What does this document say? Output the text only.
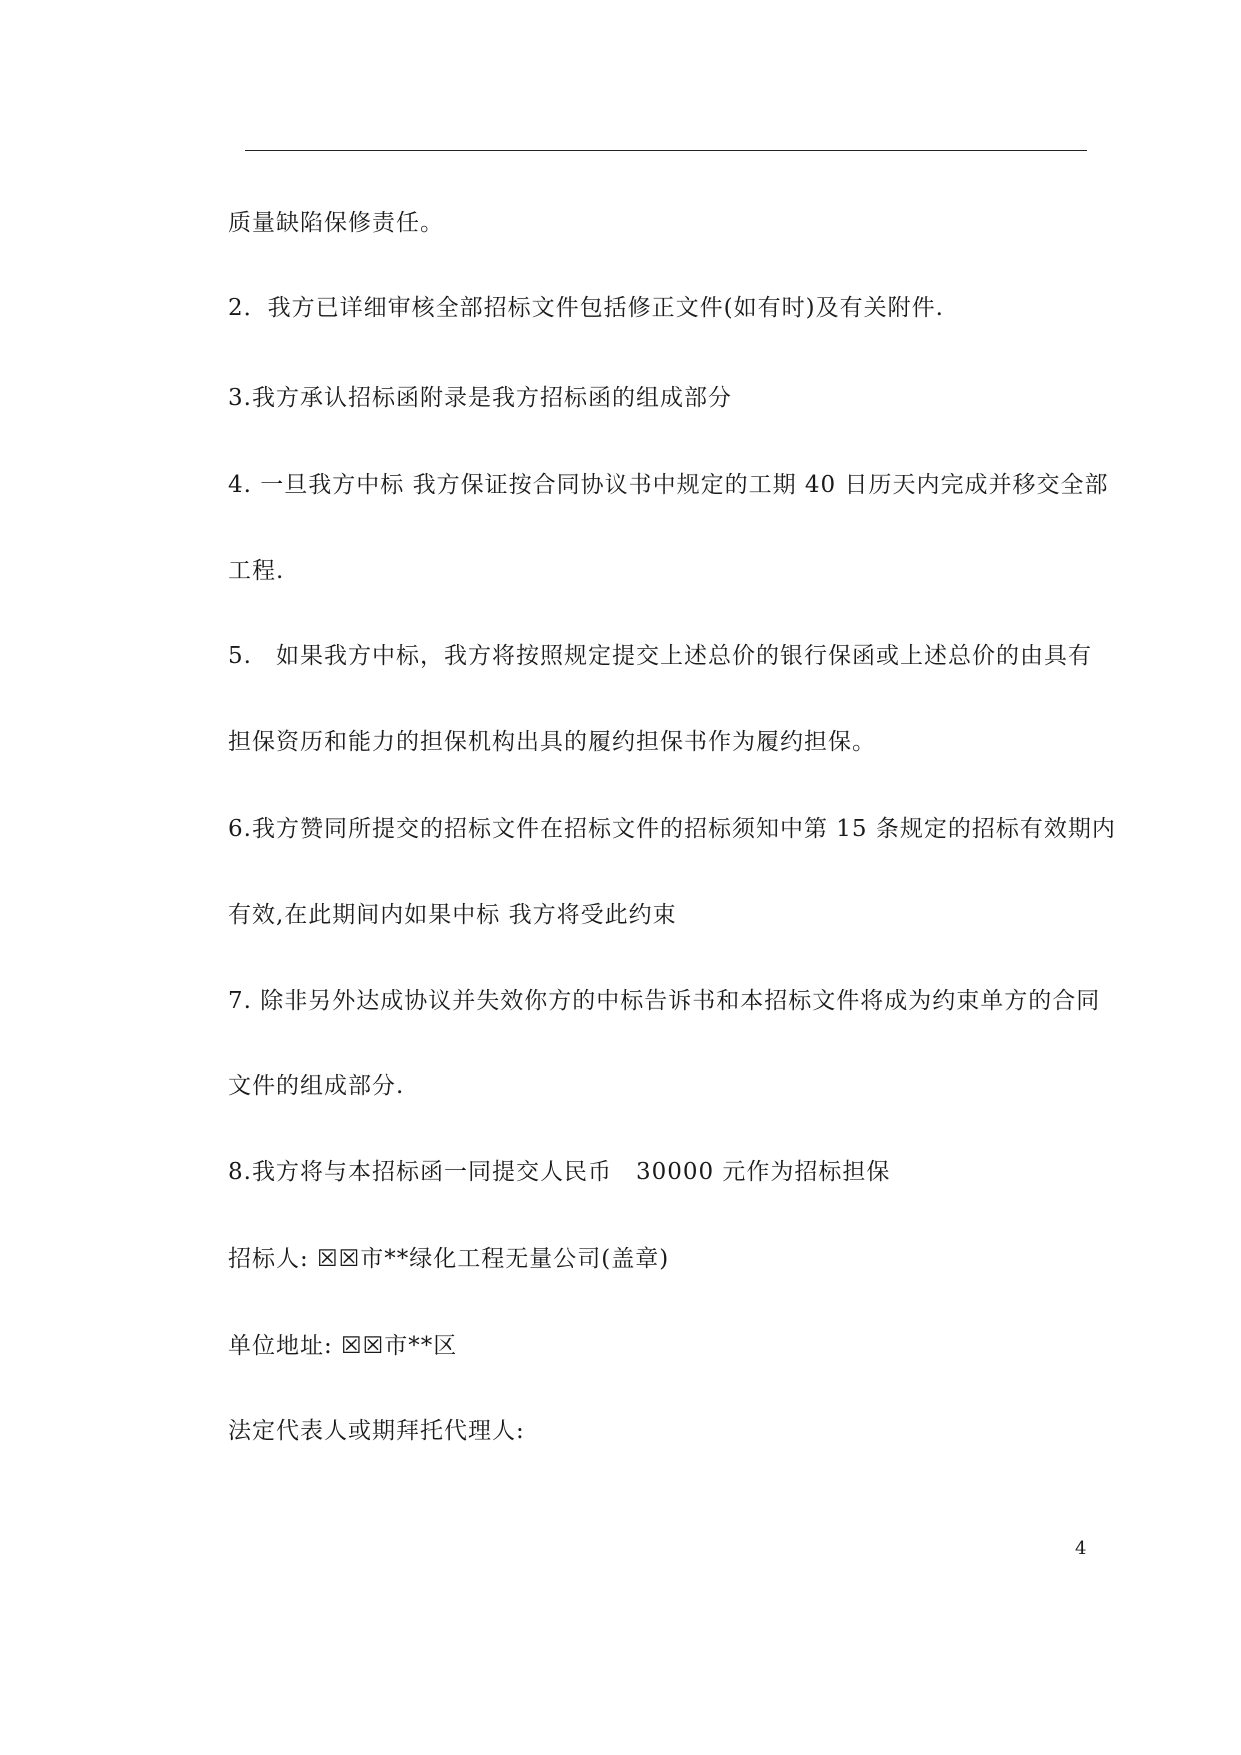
质量缺陷保修责任。
2．我方已详细审核全部招标文件包括修正文件(如有时)及有关附件.
3.我方承认招标函附录是我方招标函的组成部分
4. 一旦我方中标 我方保证按合同协议书中规定的工期 40 日历天内完成并移交全部
工程.
5.　如果我方中标，我方将按照规定提交上述总价的银行保函或上述总价的由具有
担保资历和能力的担保机构出具的履约担保书作为履约担保。
6.我方赞同所提交的招标文件在招标文件的招标须知中第 15 条规定的招标有效期内
有效,在此期间内如果中标 我方将受此约束
7. 除非另外达成协议并失效你方的中标告诉书和本招标文件将成为约束单方的合同
文件的组成部分.
8.我方将与本招标函一同提交人民币　30000 元作为招标担保
招标人: ☒☒市**绿化工程无量公司(盖章)
单位地址: ☒☒市**区
法定代表人或期拜托代理人:
4
